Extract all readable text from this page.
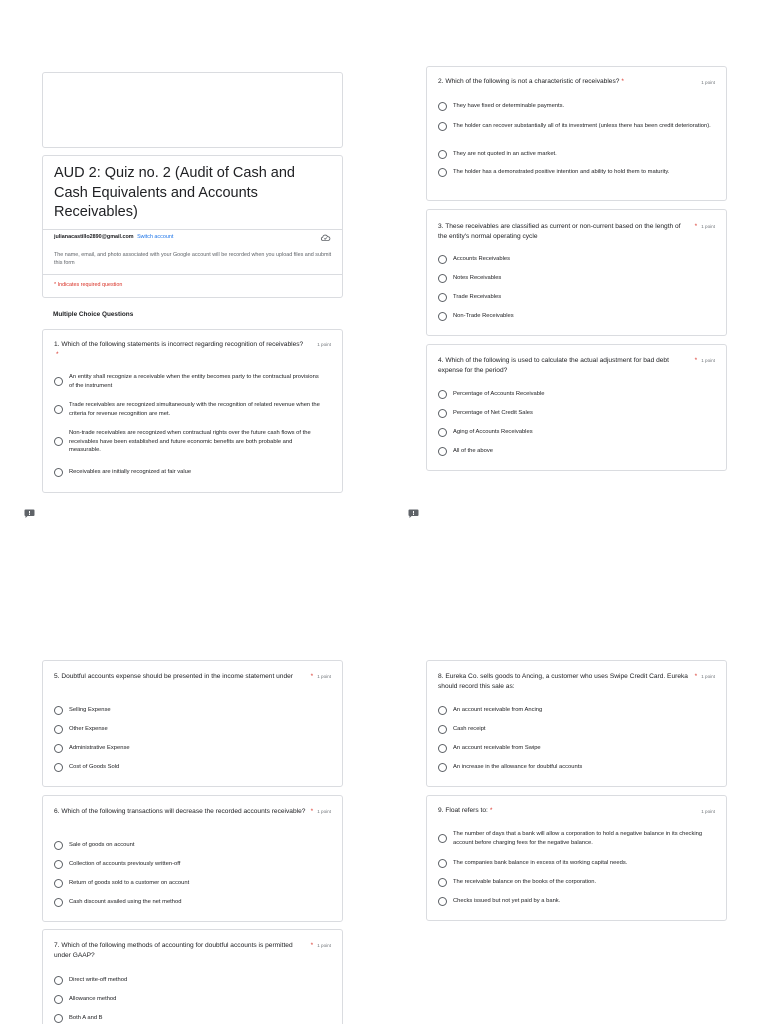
AUD 2: Quiz no. 2 (Audit of Cash and Cash Equivalents and Accounts Receivables)
julianacastillo2890@gmail.com Switch account
The name, email, and photo associated with your Google account will be recorded when you upload files and submit this form
* Indicates required question
Multiple Choice Questions
1. Which of the following statements is incorrect regarding recognition of receivables?*
1 point
An entity shall recognize a receivable when the entity becomes party to the contractual provisions of the instrument
Trade receivables are recognized simultaneously with the recognition of related revenue when the criteria for revenue recognition are met.
Non-trade receivables are recognized when contractual rights over the future cash flows of the receivables have been established and future economic benefits are both probable and measurable.
Receivables are initially recognized at fair value
2. Which of the following is not a characteristic of receivables? *	1 point
They have fixed or determinable payments.
The holder can recover substantially all of its investment (unless there has been credit deterioration).
They are not quoted in an active market.
The holder has a demonstrated positive intention and ability to hold them to maturity.
3. These receivables are classified as current or non-current based on the length of the entity's normal operating cycle
* 1 point
Accounts Receivables
Notes Receivables
Trade Receivables
Non-Trade Receivables
4. Which of the following is used to calculate the actual adjustment for bad debt expense for the period?
* 1 point
Percentage of Accounts Receivable
Percentage of Net Credit Sales
Aging of Accounts Receivables
All of the above
5. Doubtful accounts expense should be presented in the income statement under	* 1 point
Selling Expense
Other Expense
Administrative Expense
Cost of Goods Sold
6. Which of the following transactions will decrease the recorded accounts receivable? * 1 point
Sale of goods on account
Collection of accounts previously written-off
Return of goods sold to a customer on account
Cash discount availed using the net method
7. Which of the following methods of accounting for doubtful accounts is permitted under GAAP?
* 1 point
Direct write-off method
Allowance method
Both A and B
8. Eureka Co. sells goods to Ancing, a customer who uses Swipe Credit Card. Eureka should record this sale as:
* 1 point
An account receivable from Ancing
Cash receipt
An account receivable from Swipe
An increase in the allowance for doubtful accounts
9. Float refers to: *	1 point
The number of days that a bank will allow a corporation to hold a negative balance in its checking account before charging fees for the negative balance.
The companies bank balance in excess of its working capital needs.
The receivable balance on the books of the corporation.
Checks issued but not yet paid by a bank.
